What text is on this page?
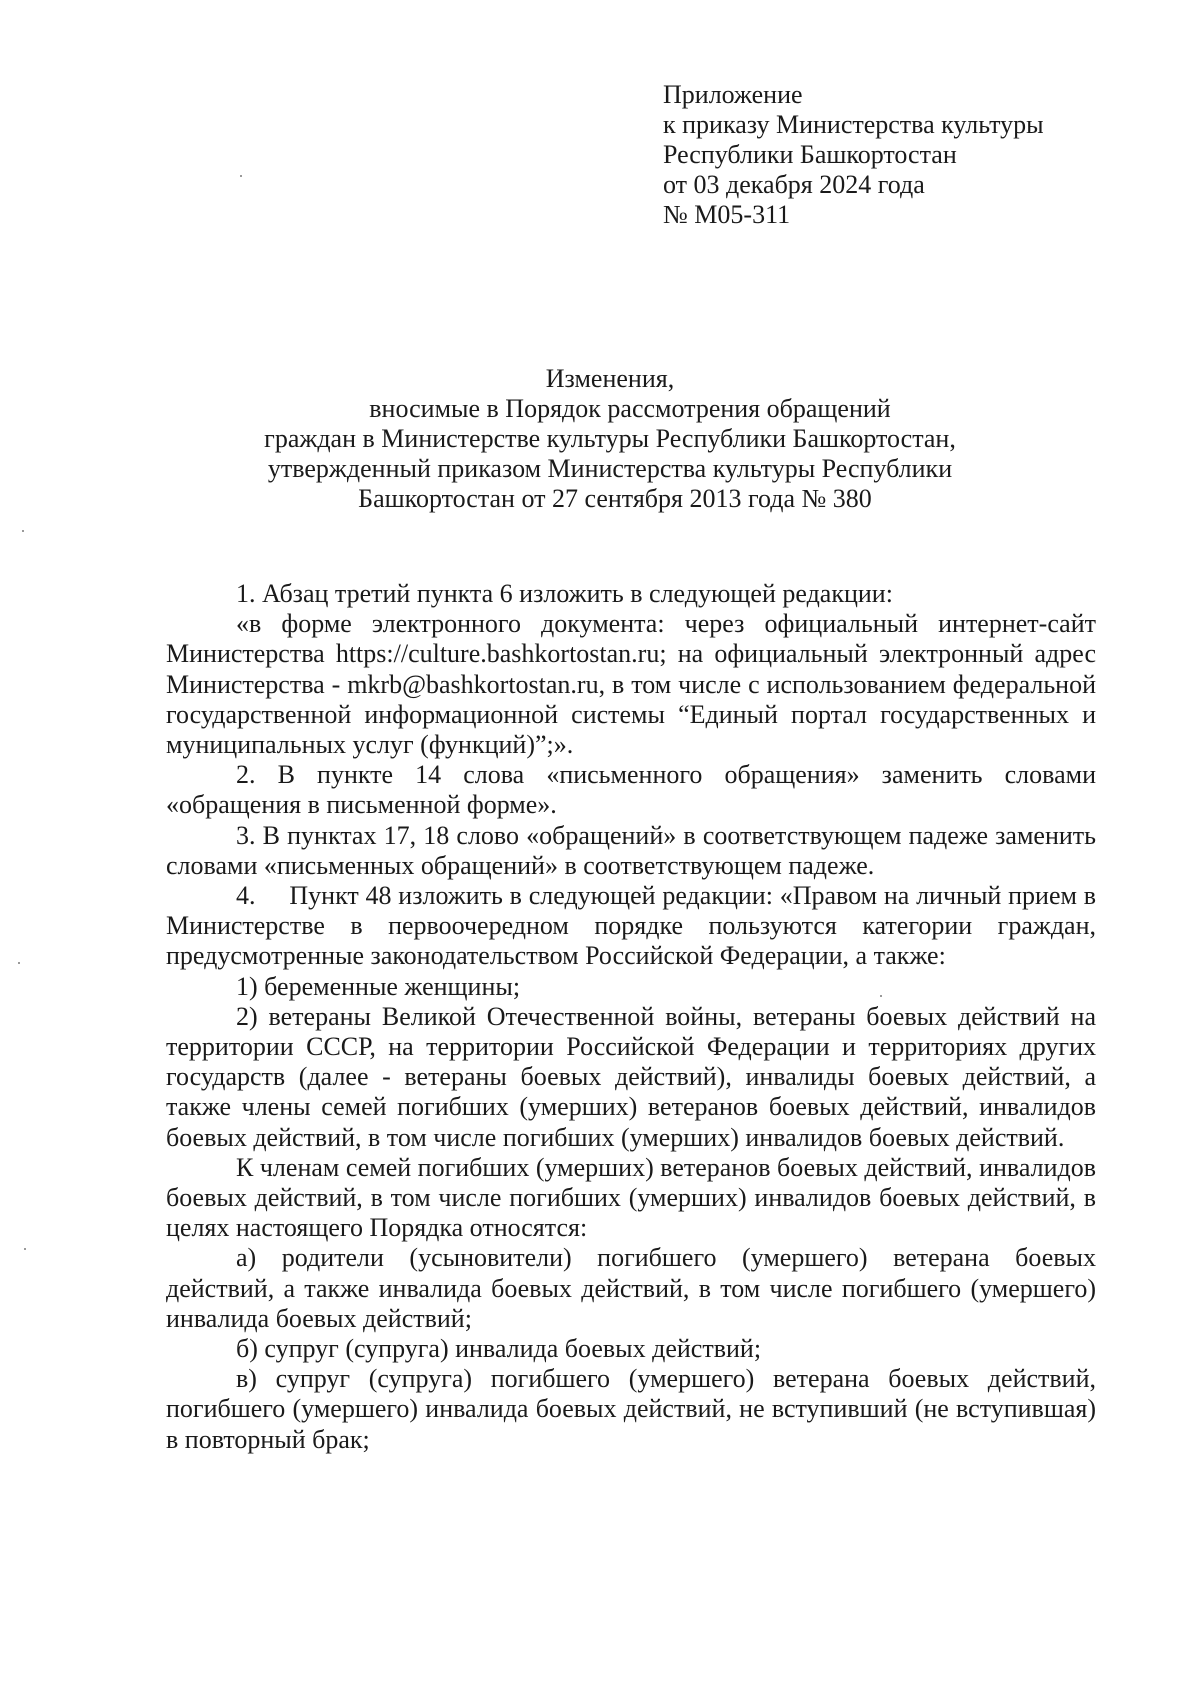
Приложение
к приказу Министерства культуры
Республики Башкортостан
от 03 декабря 2024 года
№ М05-311
Изменения,
вносимые в Порядок рассмотрения обращений
граждан в Министерстве культуры Республики Башкортостан,
утвержденный приказом Министерства культуры Республики
Башкортостан от 27 сентября 2013 года № 380

1. Абзац третий пункта 6 изложить в следующей редакции:

«в форме электронного документа: через официальный интернет-сайт Министерства https://culture.bashkortostan.ru; на официальный электронный адрес Министерства - mkrb@bashkortostan.ru, в том числе с использованием федеральной государственной информационной системы “Единый портал государственных и муниципальных услуг (функций)”;».

2. В пункте 14 слова «письменного обращения» заменить словами «обращения в письменной форме».

3. В пунктах 17, 18 слово «обращений» в соответствующем падеже заменить словами «письменных обращений» в соответствующем падеже.

4.     Пункт 48 изложить в следующей редакции: «Правом на личный прием в Министерстве в первоочередном порядке пользуются категории граждан, предусмотренные законодательством Российской Федерации, а также:

1) беременные женщины;

2) ветераны Великой Отечественной войны, ветераны боевых действий на территории СССР, на территории Российской Федерации и территориях других государств (далее - ветераны боевых действий), инвалиды боевых действий, а также члены семей погибших (умерших) ветеранов боевых действий, инвалидов боевых действий, в том числе погибших (умерших) инвалидов боевых действий.

К членам семей погибших (умерших) ветеранов боевых действий, инвалидов боевых действий, в том числе погибших (умерших) инвалидов боевых действий, в целях настоящего Порядка относятся:

а) родители (усыновители) погибшего (умершего) ветерана боевых действий, а также инвалида боевых действий, в том числе погибшего (умершего) инвалида боевых действий;

б) супруг (супруга) инвалида боевых действий;

в) супруг (супруга) погибшего (умершего) ветерана боевых действий, погибшего (умершего) инвалида боевых действий, не вступивший (не вступившая) в повторный брак;
